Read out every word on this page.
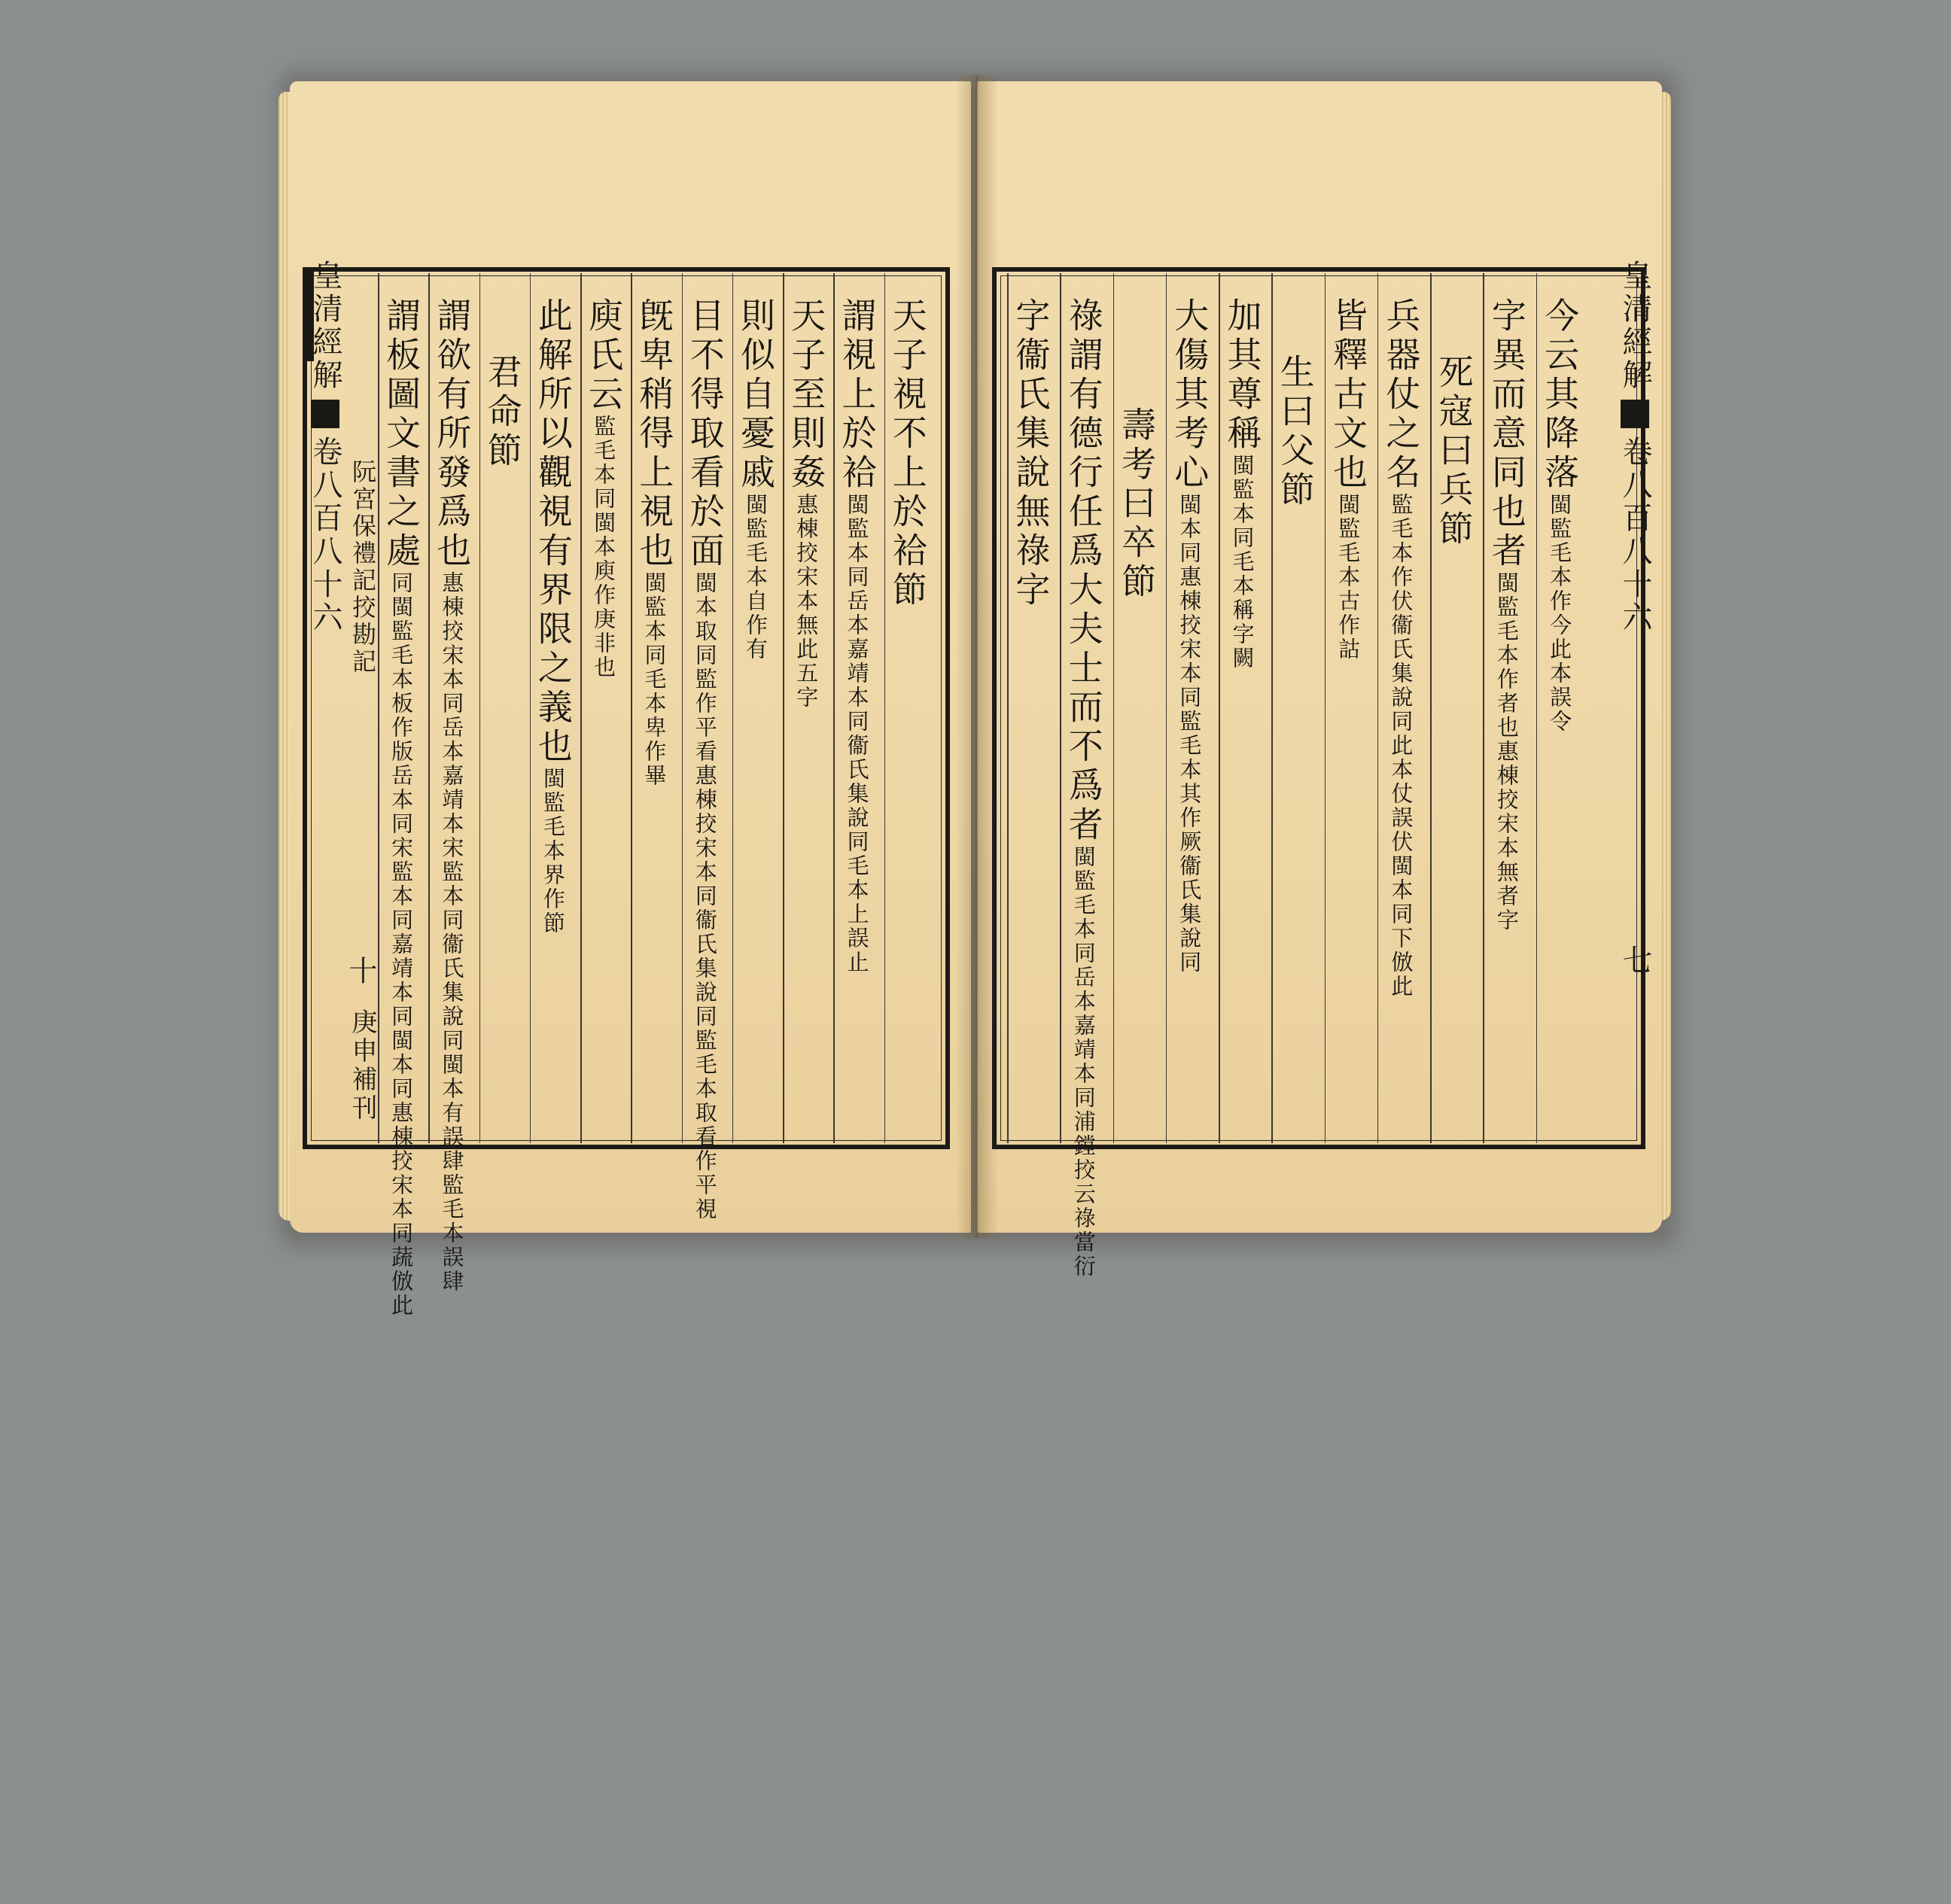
皇清經解卷八百八十六 阮宮保禮記挍勘記
十
庚申補刊
天子視不上於袷節
謂視上於袷閩監本同岳本嘉靖本同衞氏集說同毛本上誤止
天子至則姦惠棟挍宋本無此五字
則似自憂戚閩監毛本自作有
目不得取看於面閩本取同監作平看惠棟挍宋本同衞氏集說同監毛本取看作平視
旣卑稍得上視也閩監本同毛本卑作畢
庾氏云監毛本同閩本庾作庚非也
此解所以觀視有界限之義也閩監毛本界作節
君命節
謂欲有所發爲也惠棟挍宋本同岳本嘉靖本宋監本同衞氏集說同閩本有誤肆監毛本誤肆
謂板圖文書之處同閩監毛本板作版岳本同宋監本同嘉靖本同閩本同惠棟挍宋本同蔬倣此
皇清經解卷八百八十六
七
今云其降落閩監毛本作今此本誤令
字異而意同也者閩監毛本作者也惠棟挍宋本無者字
死寇曰兵節
兵器仗之名監毛本作伏衞氏集說同此本仗誤伏閩本同下倣此
皆釋古文也閩監毛本古作詁
生曰父節
加其尊稱閩監本同毛本稱字闕
大傷其考心閩本同惠棟挍宋本同監毛本其作厥衞氏集說同
壽考曰卒節
祿謂有德行任爲大夫士而不爲者閩監毛本同岳本嘉靖本同浦鏜挍云祿當衍
字衞氏集說無祿字
